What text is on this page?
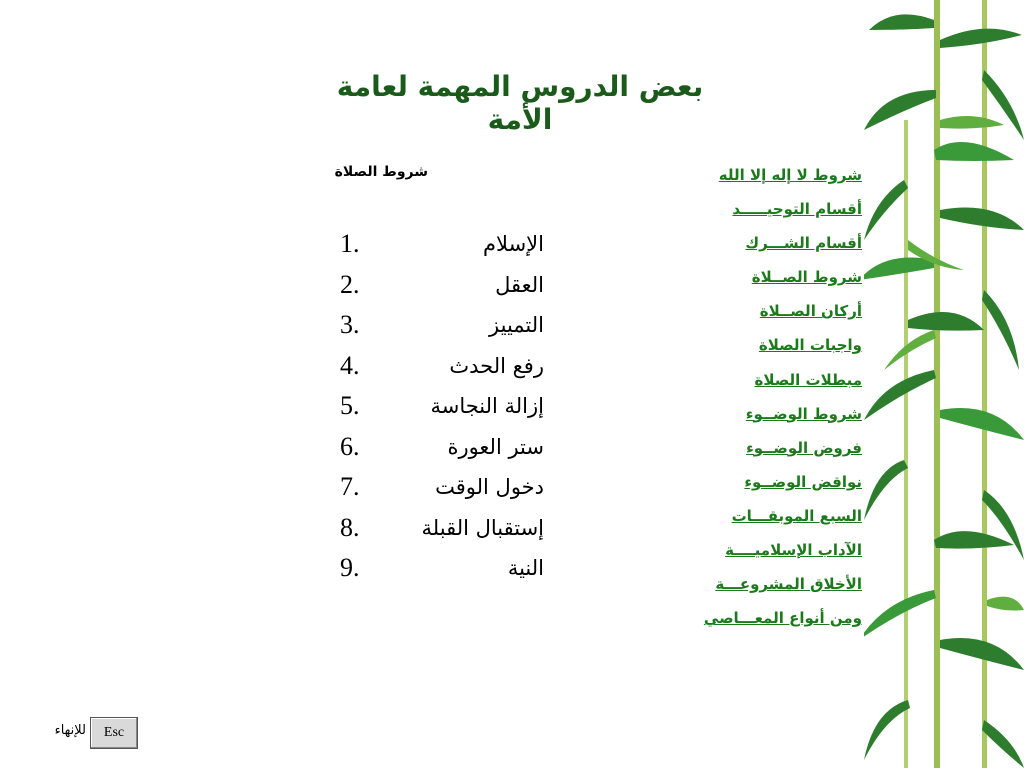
بعض الدروس المهمة لعامة الأمة
شروط الصلاة
1.	الإسلام
2.	العقل
3.	التمييز
4.	رفع الحدث
5.	إزالة النجاسة
6.	ستر العورة
7.	دخول الوقت
8.	إستقبال القبلة
9.	النية
شروط لا إله إلا الله
أقسام التوحيـــــد
أقسام الشـــرك
شروط الصــلاة
أركان الصــلاة
واجبات الصلاة
مبطلات الصلاة
شروط الوضــوء
فروض الوضــوء
نواقض الوضــوء
السبع الموبقـــات
الآداب الإسلاميــــة
الأخلاق المشروعـــة
ومن أنواع المعـــاصي
للإنهاء	Esc
